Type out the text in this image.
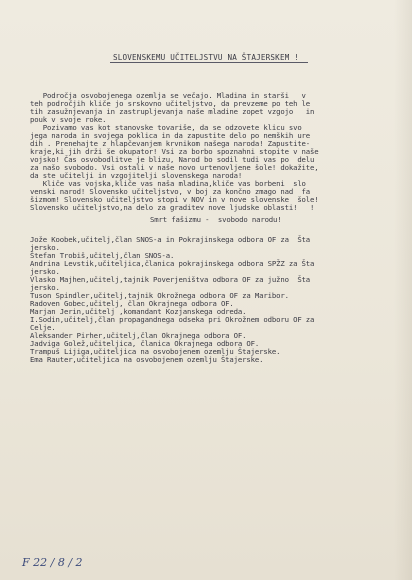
SLOVENSKEMU UČITELJSTVU NA ŠTAJERSKEM !
Področja osvobojenega ozemlja se večajo. Mladina in starši   v
teh področjih kliče jo srskovno učiteljstvo, da prevzeme po teh le
tih zasužnjevanja in zastrupljevanja naše mladine zopet vzgojo   in
pouk v svoje roke.
Pozivamo vas kot stanovske tovariše, da se odzovete klicu svo
jega naroda in svojega poklica in da zapustite delo po nemških ure
dih . Prenehajte z hlapčevanjem krvnikom našega naroda! Zapustite-
kraje,ki jih drži še okupator! Vsi za borbo spoznahni stopite v naše
vojsko! Čas osvobodlitve je blizu, Narod bo sodil tudi vas po  delu
za našo svobodo. Vsi ostali v naše novo urtenovljene šole! dokažite,
da ste učitelji in vzgojitelji slovenskega naroda!
Kliče vas vojska,kliče vas naša mladina,kliče vas borbeni  slo
venski narod! Slovensko učiteljstvo, v boj za končno zmago nad  fa
šizmom! Slovensko učiteljstvo stopi v NOV in v nove slovenske  šole!
Slovensko učiteljstvo,na delo za graditev nove ljudske oblasti!   !
Smrt fašizmu -  svobodo narodu!
Jože Koobek,učitelj,član SNOS-a in Pokrajinskega odbora OF za  Šta
jersko.
Štefan Trobiš,učitelj,član SNOS-a.
Andrina Levstik,učiteljica,članica pokrajinskega odbora SPŽZ za Šta
jersko.
Vlasko Majhen,učitelj,tajnik Poverjeništva odbora OF za južno  Šta
jersko.
Tuson Spindler,učitelj,tajnik Okrožnega odbora OF za Maribor.
Radoven Gobec,učitelj, član Okrajnega odbora OF.
Marjan Jerin,učitelj ,komandant Kozjanskega odreda.
I.Sodin,učitelj,član propagandnega odseka pri Okrožnem odboru OF za
Celje.
Aleksander Pirher,učitelj,član Okrajnega odbora OF.
Jadviga Golež,učiteljica, članica Okrajnega odbora OF.
Trampuš Lijiga,učiteljica na osvobojenem ozemlju Štajerske.
Ema Rauter,učiteljica na osvobojenem ozemlju Štajerske.
F 22 / 8 / 2
